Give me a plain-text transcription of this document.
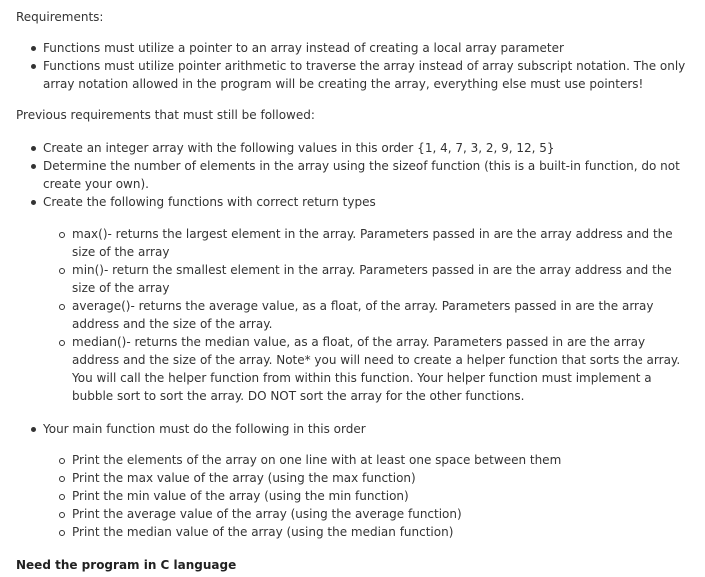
Requirements:
Functions must utilize a pointer to an array instead of creating a local array parameter
Functions must utilize pointer arithmetic to traverse the array instead of array subscript notation. The only
array notation allowed in the program will be creating the array, everything else must use pointers!
Previous requirements that must still be followed:
Create an integer array with the following values in this order {1, 4, 7, 3, 2, 9, 12, 5}
Determine the number of elements in the array using the sizeof function (this is a built-in function, do not
create your own).
Create the following functions with correct return types
max()- returns the largest element in the array. Parameters passed in are the array address and the
size of the array
min()- return the smallest element in the array. Parameters passed in are the array address and the
size of the array
average()- returns the average value, as a float, of the array. Parameters passed in are the array
address and the size of the array.
median()- returns the median value, as a float, of the array. Parameters passed in are the array
address and the size of the array. Note* you will need to create a helper function that sorts the array.
You will call the helper function from within this function. Your helper function must implement a
bubble sort to sort the array. DO NOT sort the array for the other functions.
Your main function must do the following in this order
Print the elements of the array on one line with at least one space between them
Print the max value of the array (using the max function)
Print the min value of the array (using the min function)
Print the average value of the array (using the average function)
Print the median value of the array (using the median function)
Need the program in C language
